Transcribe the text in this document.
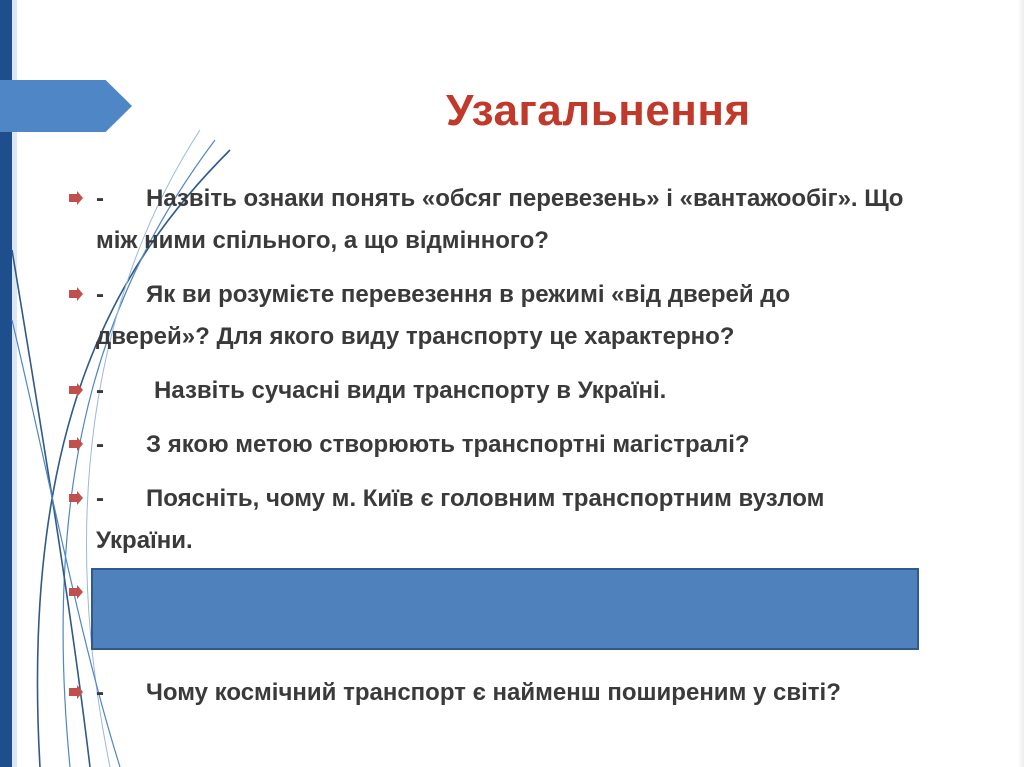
Узагальнення
-	Назвіть ознаки понять «обсяг перевезень» і «вантажообіг». Що
між ними спільного, а що відмінного?
-	Як ви розумієте перевезення в режимі «від дверей до
дверей»? Для якого виду транспорту це характерно?
-	Назвіть сучасні види транспорту в Україні.
-	З якою метою створюють транспортні магістралі?
-	Поясніть, чому м. Київ є головним транспортним вузлом
України.
-	Чому космічний транспорт є найменш поширеним у світі?
